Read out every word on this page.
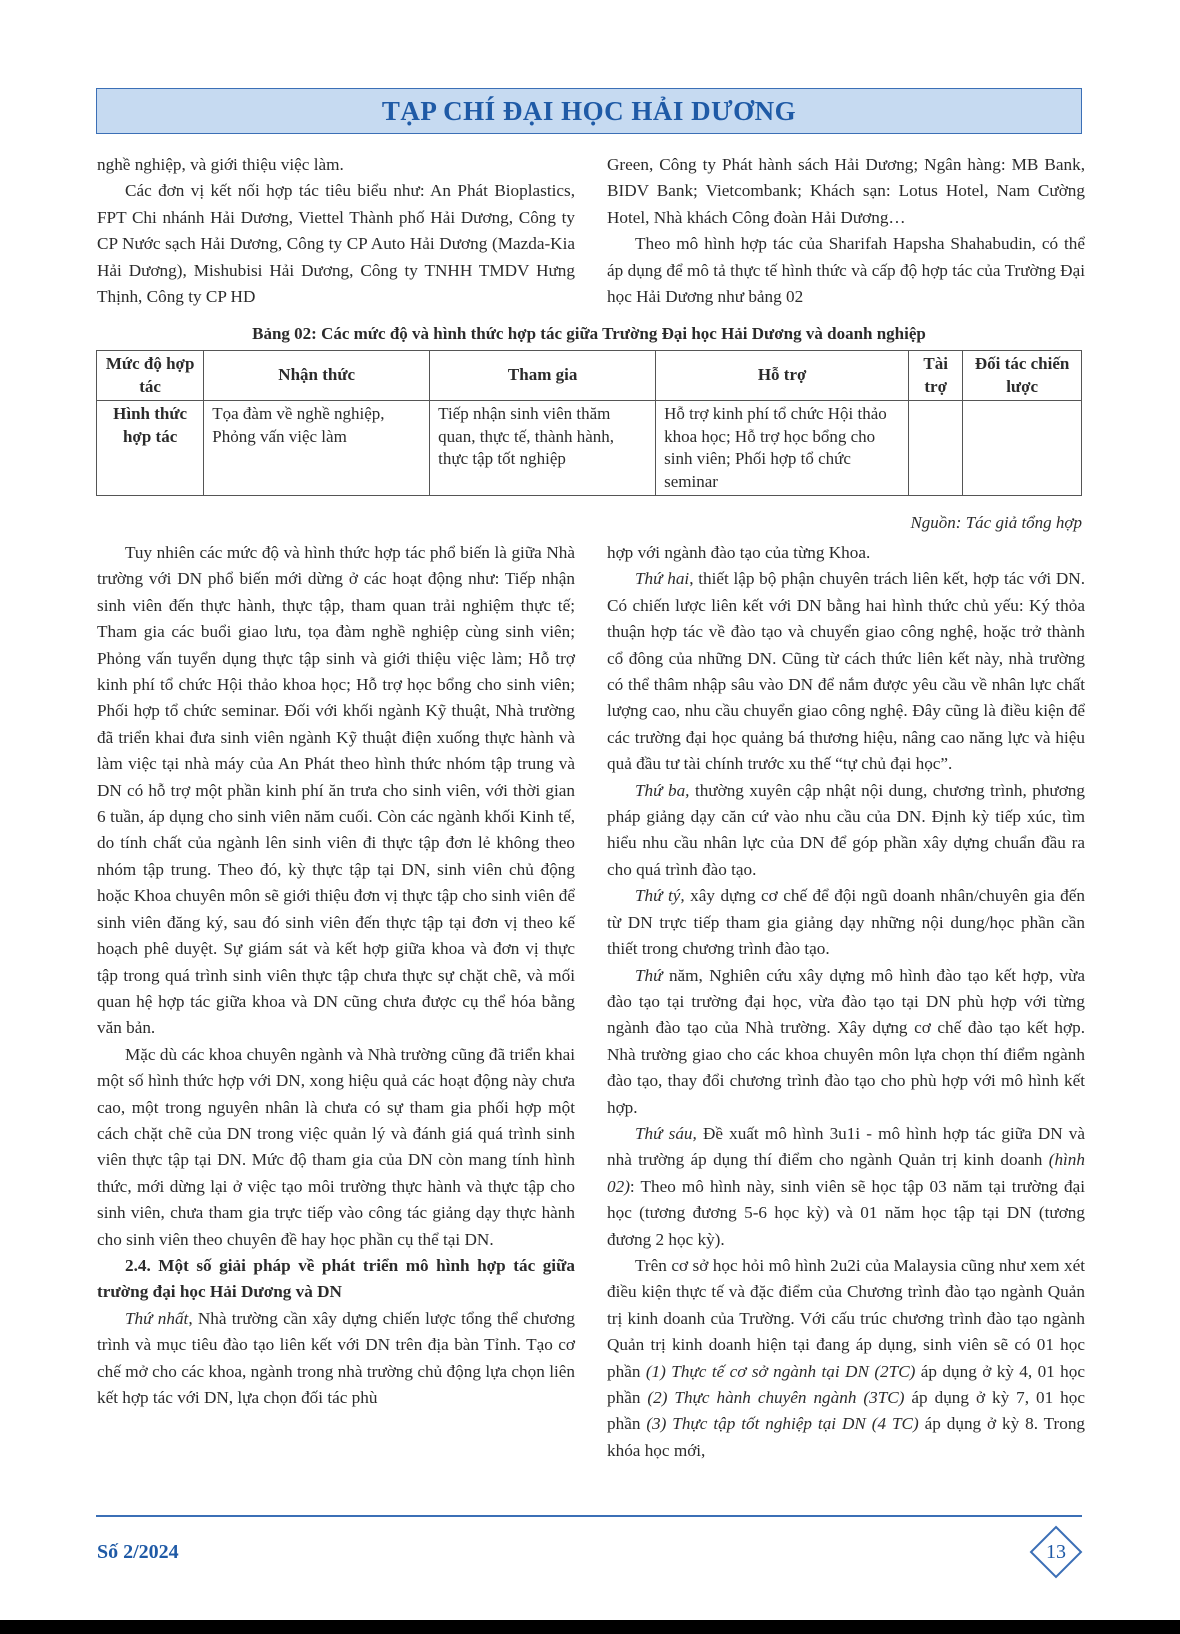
TẠP CHÍ ĐẠI HỌC HẢI DƯƠNG

nghề nghiệp, và giới thiệu việc làm.

Các đơn vị kết nối hợp tác tiêu biểu như: An Phát Bioplastics, FPT Chi nhánh Hải Dương, Viettel Thành phố Hải Dương, Công ty CP Nước sạch Hải Dương, Công ty CP Auto Hải Dương (Mazda-Kia Hải Dương), Mishubisi Hải Dương, Công ty TNHH TMDV Hưng Thịnh, Công ty CP HD

Green, Công ty Phát hành sách Hải Dương; Ngân hàng: MB Bank, BIDV Bank; Vietcombank; Khách sạn: Lotus Hotel, Nam Cường Hotel, Nhà khách Công đoàn Hải Dương…

Theo mô hình hợp tác của Sharifah Hapsha Shahabudin, có thể áp dụng để mô tả thực tế hình thức và cấp độ hợp tác của Trường Đại học Hải Dương như bảng 02

Bảng 02: Các mức độ và hình thức hợp tác giữa Trường Đại học Hải Dương và doanh nghiệp
Mức độ hợp tác	Nhận thức	Tham gia	Hỗ trợ	Tài trợ	Đối tác chiến lược
Hình thức hợp tác	Tọa đàm về nghề nghiệp, Phỏng vấn việc làm	Tiếp nhận sinh viên thăm quan, thực tế, thành hành, thực tập tốt nghiệp	Hỗ trợ kinh phí tổ chức Hội thảo khoa học; Hỗ trợ học bổng cho sinh viên; Phối hợp tổ chức seminar		
Nguồn: Tác giả tổng hợp

Tuy nhiên các mức độ và hình thức hợp tác phổ biến là giữa Nhà trường với DN phổ biến mới dừng ở các hoạt động như: Tiếp nhận sinh viên đến thực hành, thực tập, tham quan trải nghiệm thực tế; Tham gia các buổi giao lưu, tọa đàm nghề nghiệp cùng sinh viên; Phỏng vấn tuyển dụng thực tập sinh và giới thiệu việc làm; Hỗ trợ kinh phí tổ chức Hội thảo khoa học; Hỗ trợ học bổng cho sinh viên; Phối hợp tổ chức seminar. Đối với khối ngành Kỹ thuật, Nhà trường đã triển khai đưa sinh viên ngành Kỹ thuật điện xuống thực hành và làm việc tại nhà máy của An Phát theo hình thức nhóm tập trung và DN có hỗ trợ một phần kinh phí ăn trưa cho sinh viên, với thời gian 6 tuần, áp dụng cho sinh viên năm cuối. Còn các ngành khối Kinh tế, do tính chất của ngành lên sinh viên đi thực tập đơn lẻ không theo nhóm tập trung. Theo đó, kỳ thực tập tại DN, sinh viên chủ động hoặc Khoa chuyên môn sẽ giới thiệu đơn vị thực tập cho sinh viên để sinh viên đăng ký, sau đó sinh viên đến thực tập tại đơn vị theo kế hoạch phê duyệt. Sự giám sát và kết hợp giữa khoa và đơn vị thực tập trong quá trình sinh viên thực tập chưa thực sự chặt chẽ, và mối quan hệ hợp tác giữa khoa và DN cũng chưa được cụ thể hóa bằng văn bản.

Mặc dù các khoa chuyên ngành và Nhà trường cũng đã triển khai một số hình thức hợp với DN, xong hiệu quả các hoạt động này chưa cao, một trong nguyên nhân là chưa có sự tham gia phối hợp một cách chặt chẽ của DN trong việc quản lý và đánh giá quá trình sinh viên thực tập tại DN. Mức độ tham gia của DN còn mang tính hình thức, mới dừng lại ở việc tạo môi trường thực hành và thực tập cho sinh viên, chưa tham gia trực tiếp vào công tác giảng dạy thực hành cho sinh viên theo chuyên đề hay học phần cụ thể tại DN.

2.4. Một số giải pháp về phát triển mô hình hợp tác giữa trường đại học Hải Dương và DN

Thứ nhất, Nhà trường cần xây dựng chiến lược tổng thể chương trình và mục tiêu đào tạo liên kết với DN trên địa bàn Tỉnh. Tạo cơ chế mở cho các khoa, ngành trong nhà trường chủ động lựa chọn liên kết hợp tác với DN, lựa chọn đối tác phù

hợp với ngành đào tạo của từng Khoa.

Thứ hai, thiết lập bộ phận chuyên trách liên kết, hợp tác với DN. Có chiến lược liên kết với DN bằng hai hình thức chủ yếu: Ký thỏa thuận hợp tác về đào tạo và chuyển giao công nghệ, hoặc trở thành cổ đông của những DN. Cũng từ cách thức liên kết này, nhà trường có thể thâm nhập sâu vào DN để nắm được yêu cầu về nhân lực chất lượng cao, nhu cầu chuyển giao công nghệ. Đây cũng là điều kiện để các trường đại học quảng bá thương hiệu, nâng cao năng lực và hiệu quả đầu tư tài chính trước xu thế “tự chủ đại học”.

Thứ ba, thường xuyên cập nhật nội dung, chương trình, phương pháp giảng dạy căn cứ vào nhu cầu của DN. Định kỳ tiếp xúc, tìm hiểu nhu cầu nhân lực của DN để góp phần xây dựng chuẩn đầu ra cho quá trình đào tạo.

Thứ tý, xây dựng cơ chế để đội ngũ doanh nhân/chuyên gia đến từ DN trực tiếp tham gia giảng dạy những nội dung/học phần cần thiết trong chương trình đào tạo.

Thứ năm, Nghiên cứu xây dựng mô hình đào tạo kết hợp, vừa đào tạo tại trường đại học, vừa đào tạo tại DN phù hợp với từng ngành đào tạo của Nhà trường. Xây dựng cơ chế đào tạo kết hợp. Nhà trường giao cho các khoa chuyên môn lựa chọn thí điểm ngành đào tạo, thay đổi chương trình đào tạo cho phù hợp với mô hình kết hợp.

Thứ sáu, Đề xuất mô hình 3u1i - mô hình hợp tác giữa DN và nhà trường áp dụng thí điểm cho ngành Quản trị kinh doanh (hình 02): Theo mô hình này, sinh viên sẽ học tập 03 năm tại trường đại học (tương đương 5-6 học kỳ) và 01 năm học tập tại DN (tương đương 2 học kỳ).

Trên cơ sở học hỏi mô hình 2u2i của Malaysia cũng như xem xét điều kiện thực tế và đặc điểm của Chương trình đào tạo ngành Quản trị kinh doanh của Trường. Với cấu trúc chương trình đào tạo ngành Quản trị kinh doanh hiện tại đang áp dụng, sinh viên sẽ có 01 học phần (1) Thực tế cơ sở ngành tại DN (2TC) áp dụng ở kỳ 4, 01 học phần (2) Thực hành chuyên ngành (3TC) áp dụng ở kỳ 7, 01 học phần (3) Thực tập tốt nghiệp tại DN (4 TC) áp dụng ở kỳ 8. Trong khóa học mới,

Số 2/2024	13
